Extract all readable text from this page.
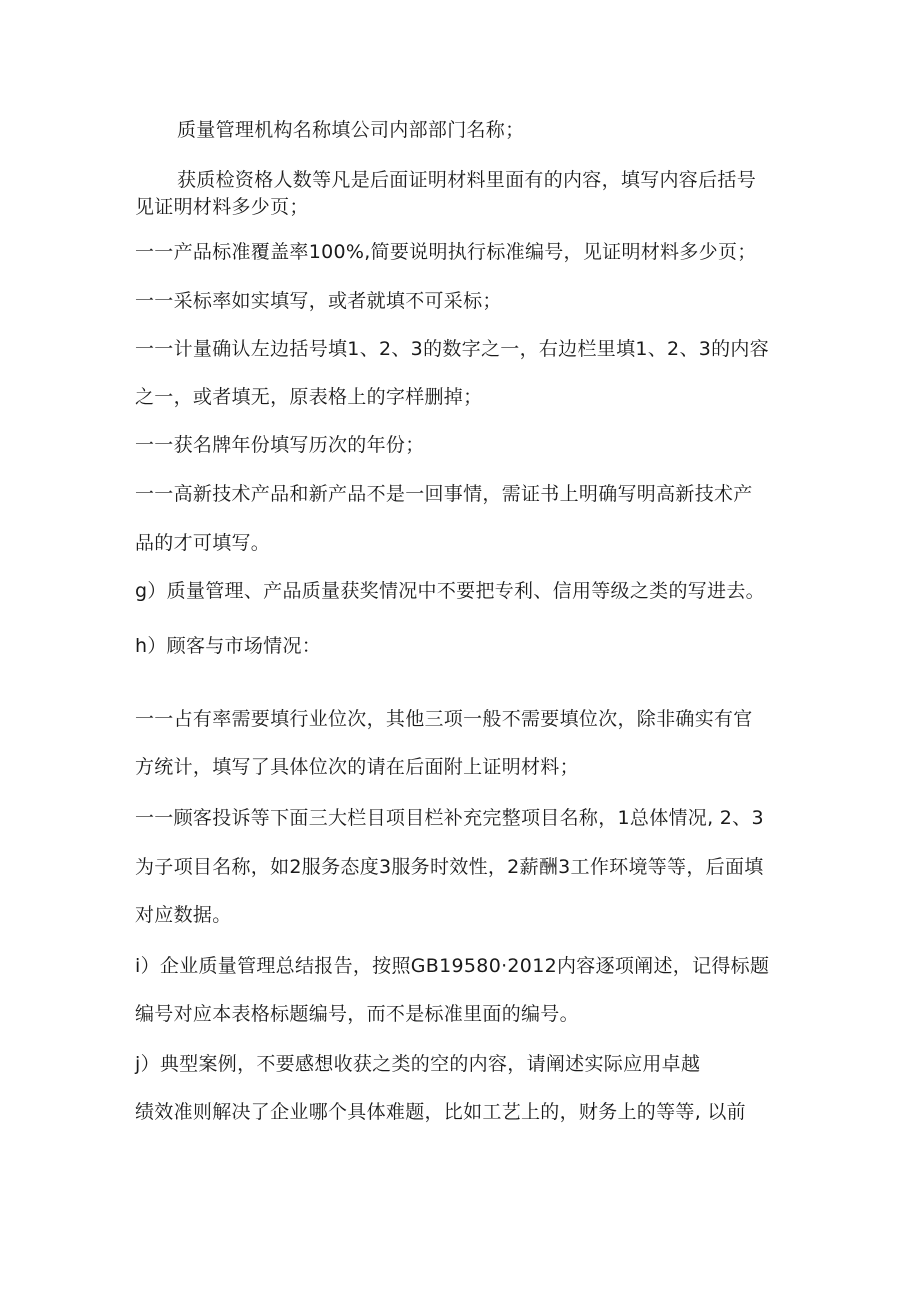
质量管理机构名称填公司内部部门名称；
获质检资格人数等凡是后面证明材料里面有的内容，填写内容后括号
见证明材料多少页；
一一产品标准覆盖率100%,简要说明执行标准编号，见证明材料多少页；
一一采标率如实填写，或者就填不可采标；
一一计量确认左边括号填1、2、3的数字之一，右边栏里填1、2、3的内容
之一，或者填无，原表格上的字样删掉；
一一获名牌年份填写历次的年份；
一一高新技术产品和新产品不是一回事情，需证书上明确写明高新技术产
品的才可填写。
g）质量管理、产品质量获奖情况中不要把专利、信用等级之类的写进去。
h）顾客与市场情况：
一一占有率需要填行业位次，其他三项一般不需要填位次，除非确实有官
方统计，填写了具体位次的请在后面附上证明材料；
一一顾客投诉等下面三大栏目项目栏补充完整项目名称，1总体情况, 2、3
为子项目名称，如2服务态度3服务时效性，2薪酬3工作环境等等，后面填
对应数据。
i）企业质量管理总结报告，按照GB19580·2012内容逐项阐述，记得标题
编号对应本表格标题编号，而不是标准里面的编号。
j）典型案例，不要感想收获之类的空的内容，请阐述实际应用卓越
绩效准则解决了企业哪个具体难题，比如工艺上的，财务上的等等, 以前
